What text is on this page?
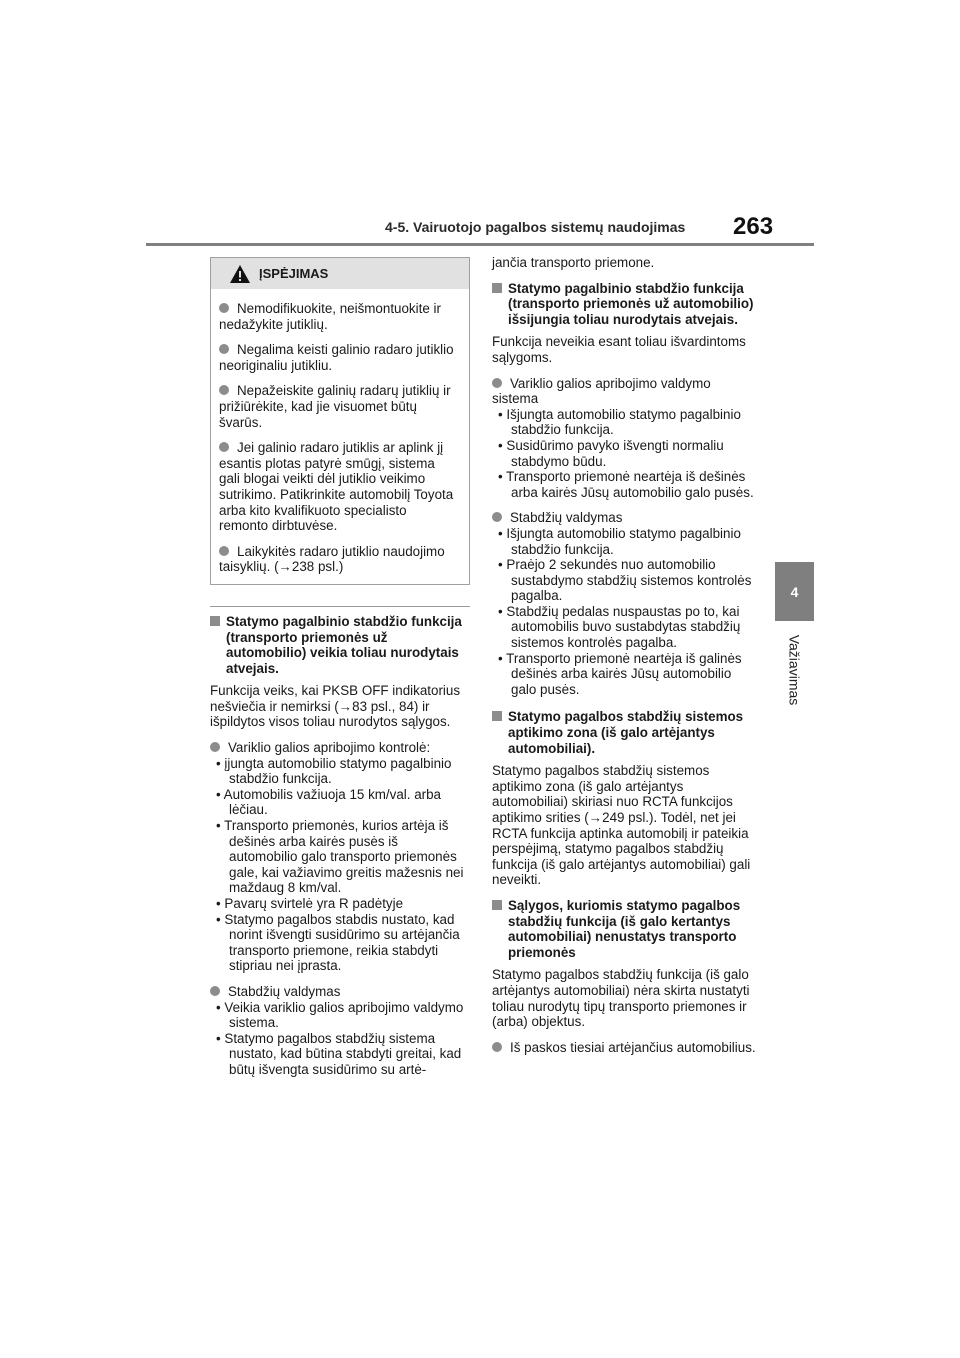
4-5. Vairuotojo pagalbos sistemų naudojimas 263
4
Važiavimas
ĮSPĖJIMAS
Nemodifikuokite, neišmontuokite ir nedažykite jutiklių.
Negalima keisti galinio radaro jutiklio neoriginaliu jutikliu.
Nepažeiskite galinių radarų jutiklių ir prižiūrėkite, kad jie visuomet būtų švarūs.
Jei galinio radaro jutiklis ar aplink jį esantis plotas patyrė smūgį, sistema gali blogai veikti dėl jutiklio veikimo sutrikimo. Patikrinkite automobilį Toyota arba kito kvalifikuoto specialisto remonto dirbtuvėse.
Laikykitės radaro jutiklio naudojimo taisyklių. (→238 psl.)
Statymo pagalbinio stabdžio funkcija (transporto priemonės už automobilio) veikia toliau nurodytais atvejais.
Funkcija veiks, kai PKSB OFF indikatorius nešviečia ir nemirksi (→83 psl., 84) ir išpildytos visos toliau nurodytos sąlygos.
Variklio galios apribojimo kontrolė:
• įjungta automobilio statymo pagalbinio stabdžio funkcija.
• Automobilis važiuoja 15 km/val. arba lėčiau.
• Transporto priemonės, kurios artėja iš dešinės arba kairės pusės iš automobilio galo transporto priemonės gale, kai važiavimo greitis mažesnis nei maždaug 8 km/val.
• Pavarų svirtelė yra R padėtyje
• Statymo pagalbos stabdis nustato, kad norint išvengti susidūrimo su artėjančia transporto priemone, reikia stabdyti stipriau nei įprasta.
Stabdžių valdymas
• Veikia variklio galios apribojimo valdymo sistema.
• Statymo pagalbos stabdžių sistema nustato, kad būtina stabdyti greitai, kad būtų išvengta susidūrimo su artė-
jančia transporto priemone.
Statymo pagalbinio stabdžio funkcija (transporto priemonės už automobilio) išsijungia toliau nurodytais atvejais.
Funkcija neveikia esant toliau išvardintoms sąlygoms.
Variklio galios apribojimo valdymo sistema
• Išjungta automobilio statymo pagalbinio stabdžio funkcija.
• Susidūrimo pavyko išvengti normaliu stabdymo būdu.
• Transporto priemonė neartėja iš dešinės arba kairės Jūsų automobilio galo pusės.
Stabdžių valdymas
• Išjungta automobilio statymo pagalbinio stabdžio funkcija.
• Praėjo 2 sekundės nuo automobilio sustabdymo stabdžių sistemos kontrolės pagalba.
• Stabdžių pedalas nuspaustas po to, kai automobilis buvo sustabdytas stabdžių sistemos kontrolės pagalba.
• Transporto priemonė neartėja iš galinės dešinės arba kairės Jūsų automobilio galo pusės.
Statymo pagalbos stabdžių sistemos aptikimo zona (iš galo artėjantys automobiliai).
Statymo pagalbos stabdžių sistemos aptikimo zona (iš galo artėjantys automobiliai) skiriasi nuo RCTA funkcijos aptikimo srities (→249 psl.). Todėl, net jei RCTA funkcija aptinka automobilį ir pateikia perspėjimą, statymo pagalbos stabdžių funkcija (iš galo artėjantys automobiliai) gali neveikti.
Sąlygos, kuriomis statymo pagalbos stabdžių funkcija (iš galo kertantys automobiliai) nenustatys transporto priemonės
Statymo pagalbos stabdžių funkcija (iš galo artėjantys automobiliai) nėra skirta nustatyti toliau nurodytų tipų transporto priemones ir (arba) objektus.
Iš paskos tiesiai artėjančius automobilius.
